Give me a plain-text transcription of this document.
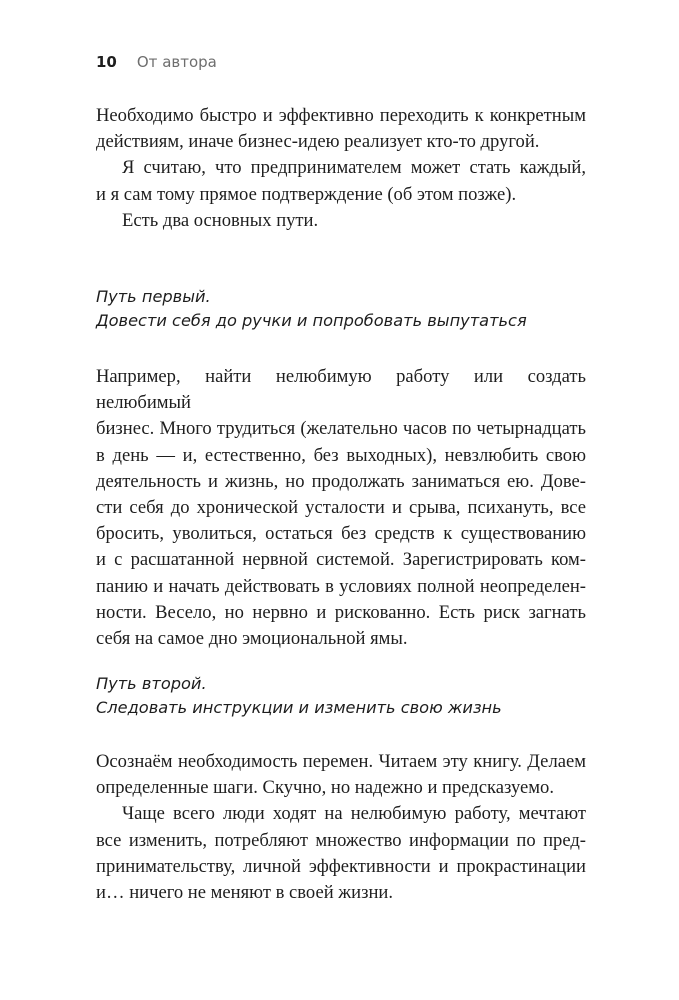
10 От автора

Необходимо быстро и эффективно переходить к конкретным
действиям, иначе бизнес-идею реализует кто-то другой.

Я считаю, что предпринимателем может стать каждый,
и я сам тому прямое подтверждение (об этом позже).

Есть два основных пути.

Путь первый.
Довести себя до ручки и попробовать выпутаться

Например, найти нелюбимую работу или создать нелюбимый
бизнес. Много трудиться (желательно часов по четырнадцать
в день — и, естественно, без выходных), невзлюбить свою
деятельность и жизнь, но продолжать заниматься ею. Дове-
сти себя до хронической усталости и срыва, психануть, все
бросить, уволиться, остаться без средств к существованию
и с расшатанной нервной системой. Зарегистрировать ком-
панию и начать действовать в условиях полной неопределен-
ности. Весело, но нервно и рискованно. Есть риск загнать
себя на самое дно эмоциональной ямы.

Путь второй.
Следовать инструкции и изменить свою жизнь

Осознаём необходимость перемен. Читаем эту книгу. Делаем
определенные шаги. Скучно, но надежно и предсказуемо.

Чаще всего люди ходят на нелюбимую работу, мечтают
все изменить, потребляют множество информации по пред-
принимательству, личной эффективности и прокрастинации
и… ничего не меняют в своей жизни.
